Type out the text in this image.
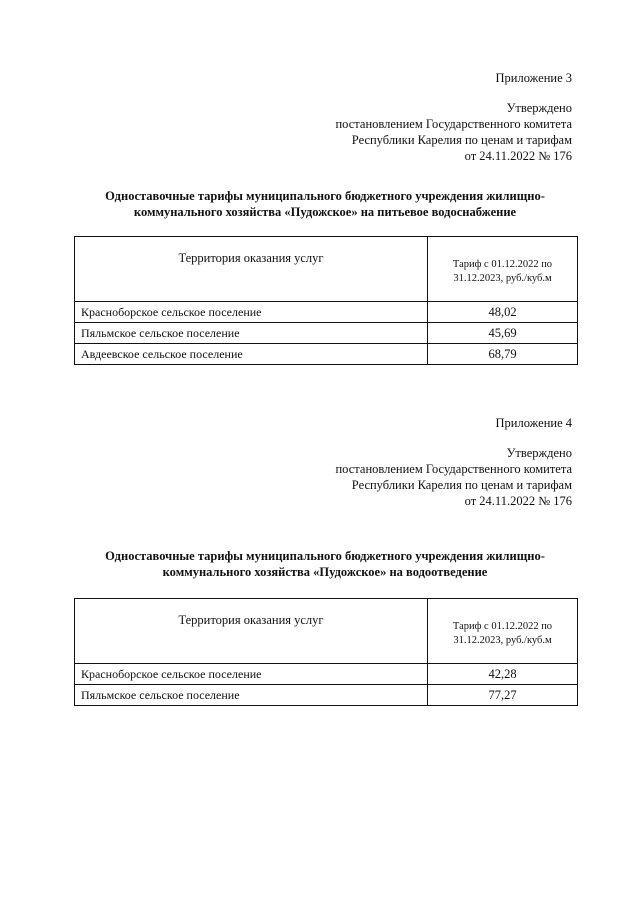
Приложение 3
Утверждено
постановлением Государственного комитета
Республики Карелия по ценам и тарифам
от 24.11.2022 № 176
Одноставочные тарифы муниципального бюджетного учреждения жилищно-
коммунального хозяйства «Пудожское» на питьевое водоснабжение
Территория оказания услуг	Тариф с 01.12.2022 по
31.12.2023, руб./куб.м

Красноборское сельское поселение	48,02
Пяльмское сельское поселение	45,69
Авдеевское сельское поселение	68,79
Приложение 4
Утверждено
постановлением Государственного комитета
Республики Карелия по ценам и тарифам
от 24.11.2022 № 176
Одноставочные тарифы муниципального бюджетного учреждения жилищно-
коммунального хозяйства «Пудожское» на водоотведение
Территория оказания услуг	Тариф с 01.12.2022 по
31.12.2023, руб./куб.м

Красноборское сельское поселение	42,28
Пяльмское сельское поселение	77,27
